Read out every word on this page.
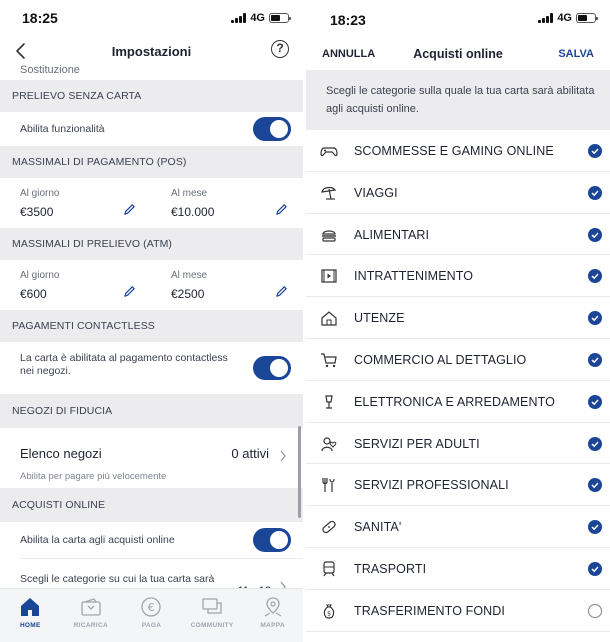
18:25	4G
Impostazioni	?
Sostituzione
PRELIEVO SENZA CARTA
Abilita funzionalità
MASSIMALI DI PAGAMENTO (POS)
Al giorno
€3500
Al mese
€10.000
MASSIMALI DI PRELIEVO (ATM)
Al giorno
€600
Al mese
€2500
PAGAMENTI CONTACTLESS
La carta è abilitata al pagamento contactless nei negozi.
NEGOZI DI FIDUCIA
Elenco negozi	0 attivi
Abilita per pagare più velocemente
ACQUISTI ONLINE
Abilita la carta agli acquisti online
Scegli le categorie su cui la tua carta sarà
HOME	RICARICA
€
PAGA	COMMUNITY	MAPPA
18:23	4G
ANNULLA	Acquisti online	SALVA
Scegli le categorie sulla quale la tua carta sarà abilitata agli acquisti online.
SCOMMESSE E GAMING ONLINE
VIAGGI
ALIMENTARI
INTRATTENIMENTO
UTENZE
COMMERCIO AL DETTAGLIO
ELETTRONICA E ARREDAMENTO
SERVIZI PER ADULTI
SERVIZI PROFESSIONALI
SANITA'
TRASPORTI
$ TRASFERIMENTO FONDI
